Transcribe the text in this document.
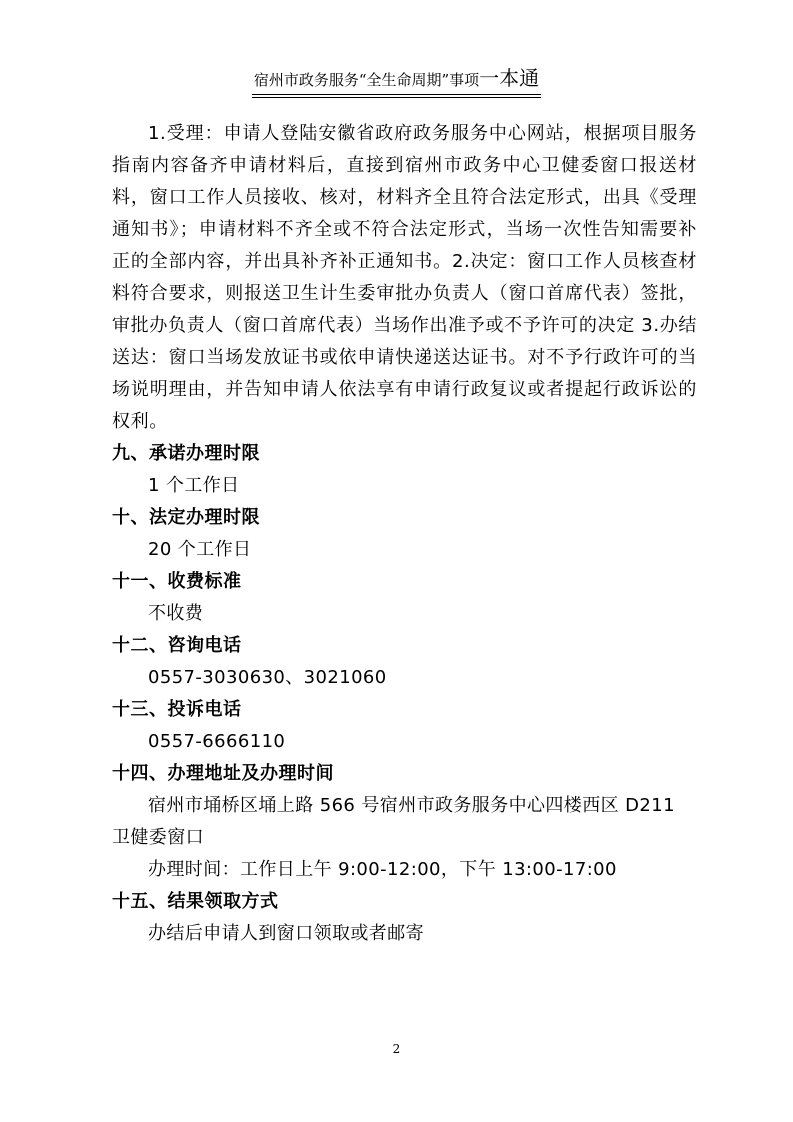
宿州市政务服务“全生命周期”事项一本通

1.受理：申请人登陆安徽省政府政务服务中心网站，根据项目服务指南内容备齐申请材料后，直接到宿州市政务中心卫健委窗口报送材料，窗口工作人员接收、核对，材料齐全且符合法定形式，出具《受理通知书》；申请材料不齐全或不符合法定形式，当场一次性告知需要补正的全部内容，并出具补齐补正通知书。2.决定：窗口工作人员核查材料符合要求，则报送卫生计生委审批办负责人（窗口首席代表）签批，审批办负责人（窗口首席代表）当场作出准予或不予许可的决定 3.办结送达：窗口当场发放证书或依申请快递送达证书。对不予行政许可的当场说明理由，并告知申请人依法享有申请行政复议或者提起行政诉讼的权利。

九、承诺办理时限

1 个工作日

十、法定办理时限

20 个工作日

十一、收费标准

不收费

十二、咨询电话

0557-3030630、3021060

十三、投诉电话

0557-6666110

十四、办理地址及办理时间

宿州市埇桥区埇上路 566 号宿州市政务服务中心四楼西区 D211 卫健委窗口

办理时间：工作日上午 9:00-12:00，下午 13:00-17:00

十五、结果领取方式

办结后申请人到窗口领取或者邮寄

2
